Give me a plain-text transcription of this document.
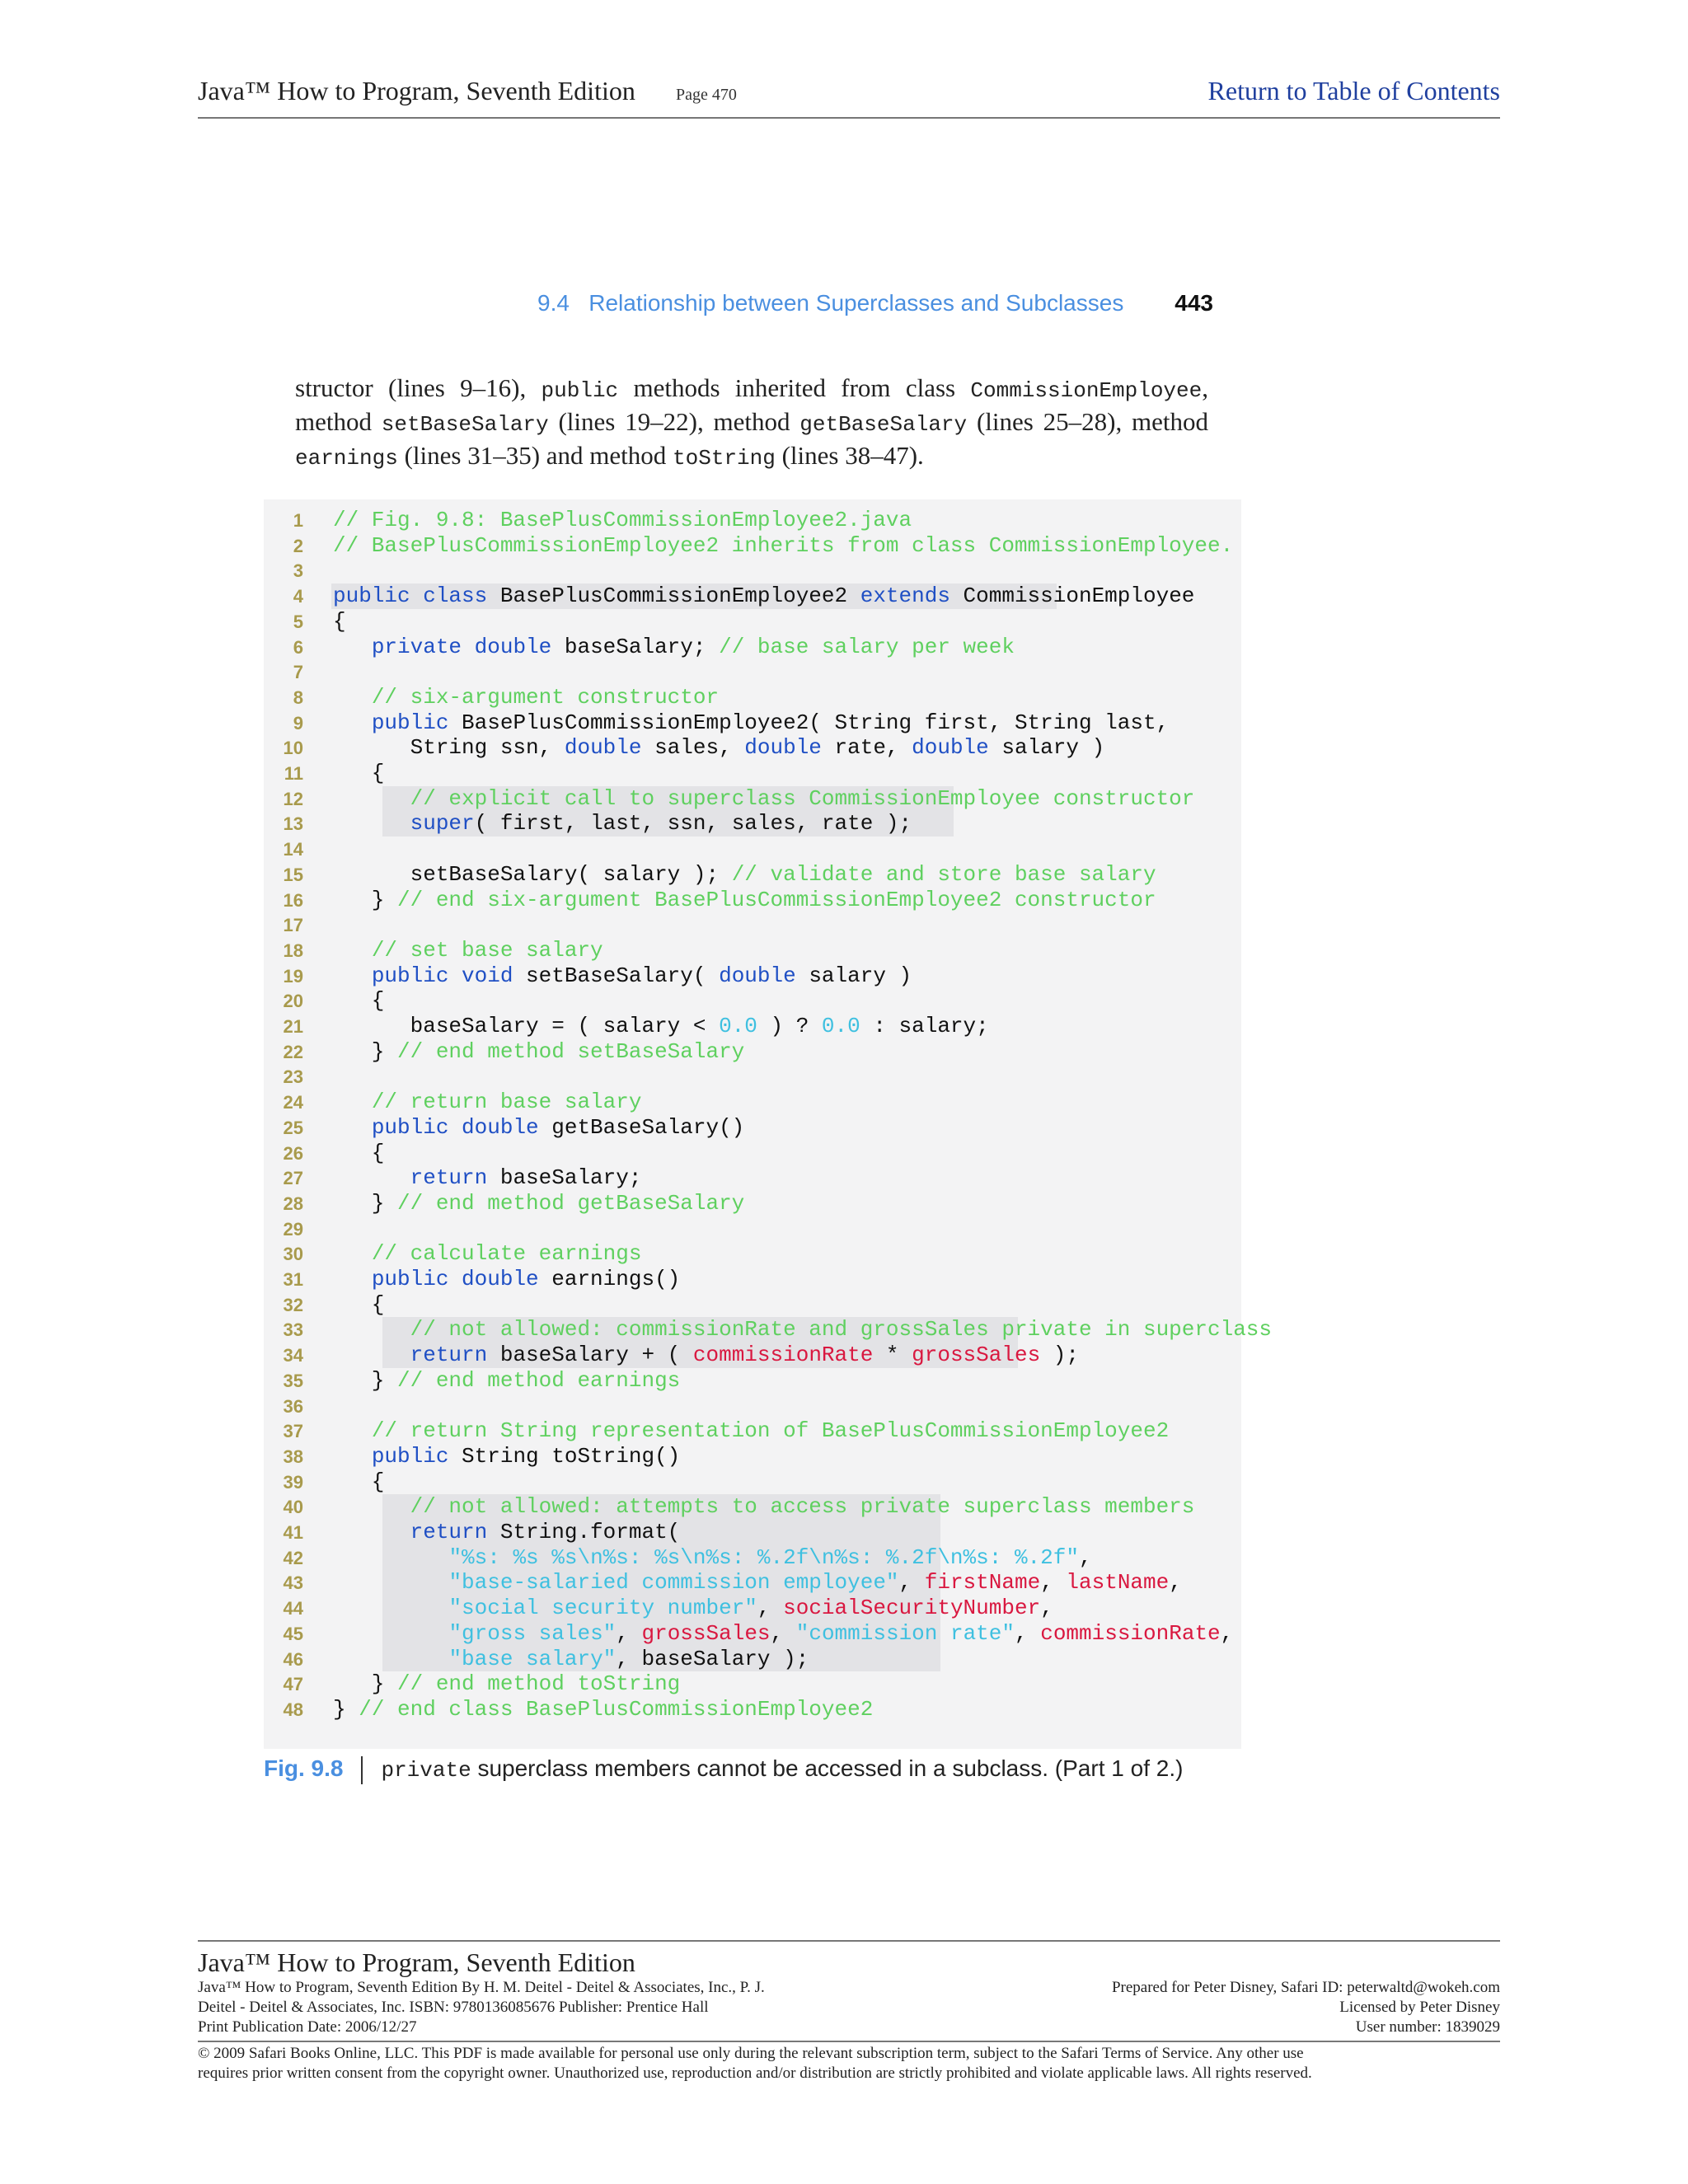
Java™ How to Program, Seventh Edition Page 470	Return to Table of Contents
9.4   Relationship between Superclasses and Subclasses 443
structor (lines 9–16), public methods inherited from class CommissionEmployee, method setBaseSalary (lines 19–22), method getBaseSalary (lines 25–28), method earnings (lines 31–35) and method toString (lines 38–47).
1 // Fig. 9.8: BasePlusCommissionEmployee2.java
2 // BasePlusCommissionEmployee2 inherits from class CommissionEmployee.
3
4 public class BasePlusCommissionEmployee2 extends CommissionEmployee
5 {
6	private double baseSalary; // base salary per week
7
8	// six-argument constructor
9	public BasePlusCommissionEmployee2( String first, String last,
10 String ssn, double sales, double rate, double salary )
11 {
12	// explicit call to superclass CommissionEmployee constructor
13	super( first, last, ssn, sales, rate );
14
15 setBaseSalary( salary ); // validate and store base salary
16 } // end six-argument BasePlusCommissionEmployee2 constructor
17
18	// set base salary
19	public void setBaseSalary( double salary )
20 {
21 baseSalary = ( salary < 0.0 ) ? 0.0 : salary;
22 } // end method setBaseSalary
23
24	// return base salary
25	public double getBaseSalary()
26 {
27	return baseSalary;
28 } // end method getBaseSalary
29
30	// calculate earnings
31	public double earnings()
32 {
33	// not allowed: commissionRate and grossSales private in superclass
34	return baseSalary + ( commissionRate * grossSales );
35 } // end method earnings
36
37	// return String representation of BasePlusCommissionEmployee2
38	public String toString()
39 {
40	// not allowed: attempts to access private superclass members
41	return String.format(
42	"%s: %s %s\n%s: %s\n%s: %.2f\n%s: %.2f\n%s: %.2f",
43	"base-salaried commission employee", firstName, lastName,
44	"social security number", socialSecurityNumber,
45	"gross sales", grossSales, "commission rate", commissionRate,
46	"base salary", baseSalary );
47 } // end method toString
48 } // end class BasePlusCommissionEmployee2
Fig. 9.8 private superclass members cannot be accessed in a subclass. (Part 1 of 2.)
Java™ How to Program, Seventh Edition
Java™ How to Program, Seventh Edition By H. M. Deitel - Deitel & Associates, Inc., P. J.	Prepared for Peter Disney, Safari ID: peterwaltd@wokeh.com
Deitel - Deitel & Associates, Inc. ISBN: 9780136085676 Publisher: Prentice Hall	Licensed by Peter Disney
Print Publication Date: 2006/12/27	User number: 1839029
© 2009 Safari Books Online, LLC. This PDF is made available for personal use only during the relevant subscription term, subject to the Safari Terms of Service. Any other use
requires prior written consent from the copyright owner. Unauthorized use, reproduction and/or distribution are strictly prohibited and violate applicable laws. All rights reserved.
